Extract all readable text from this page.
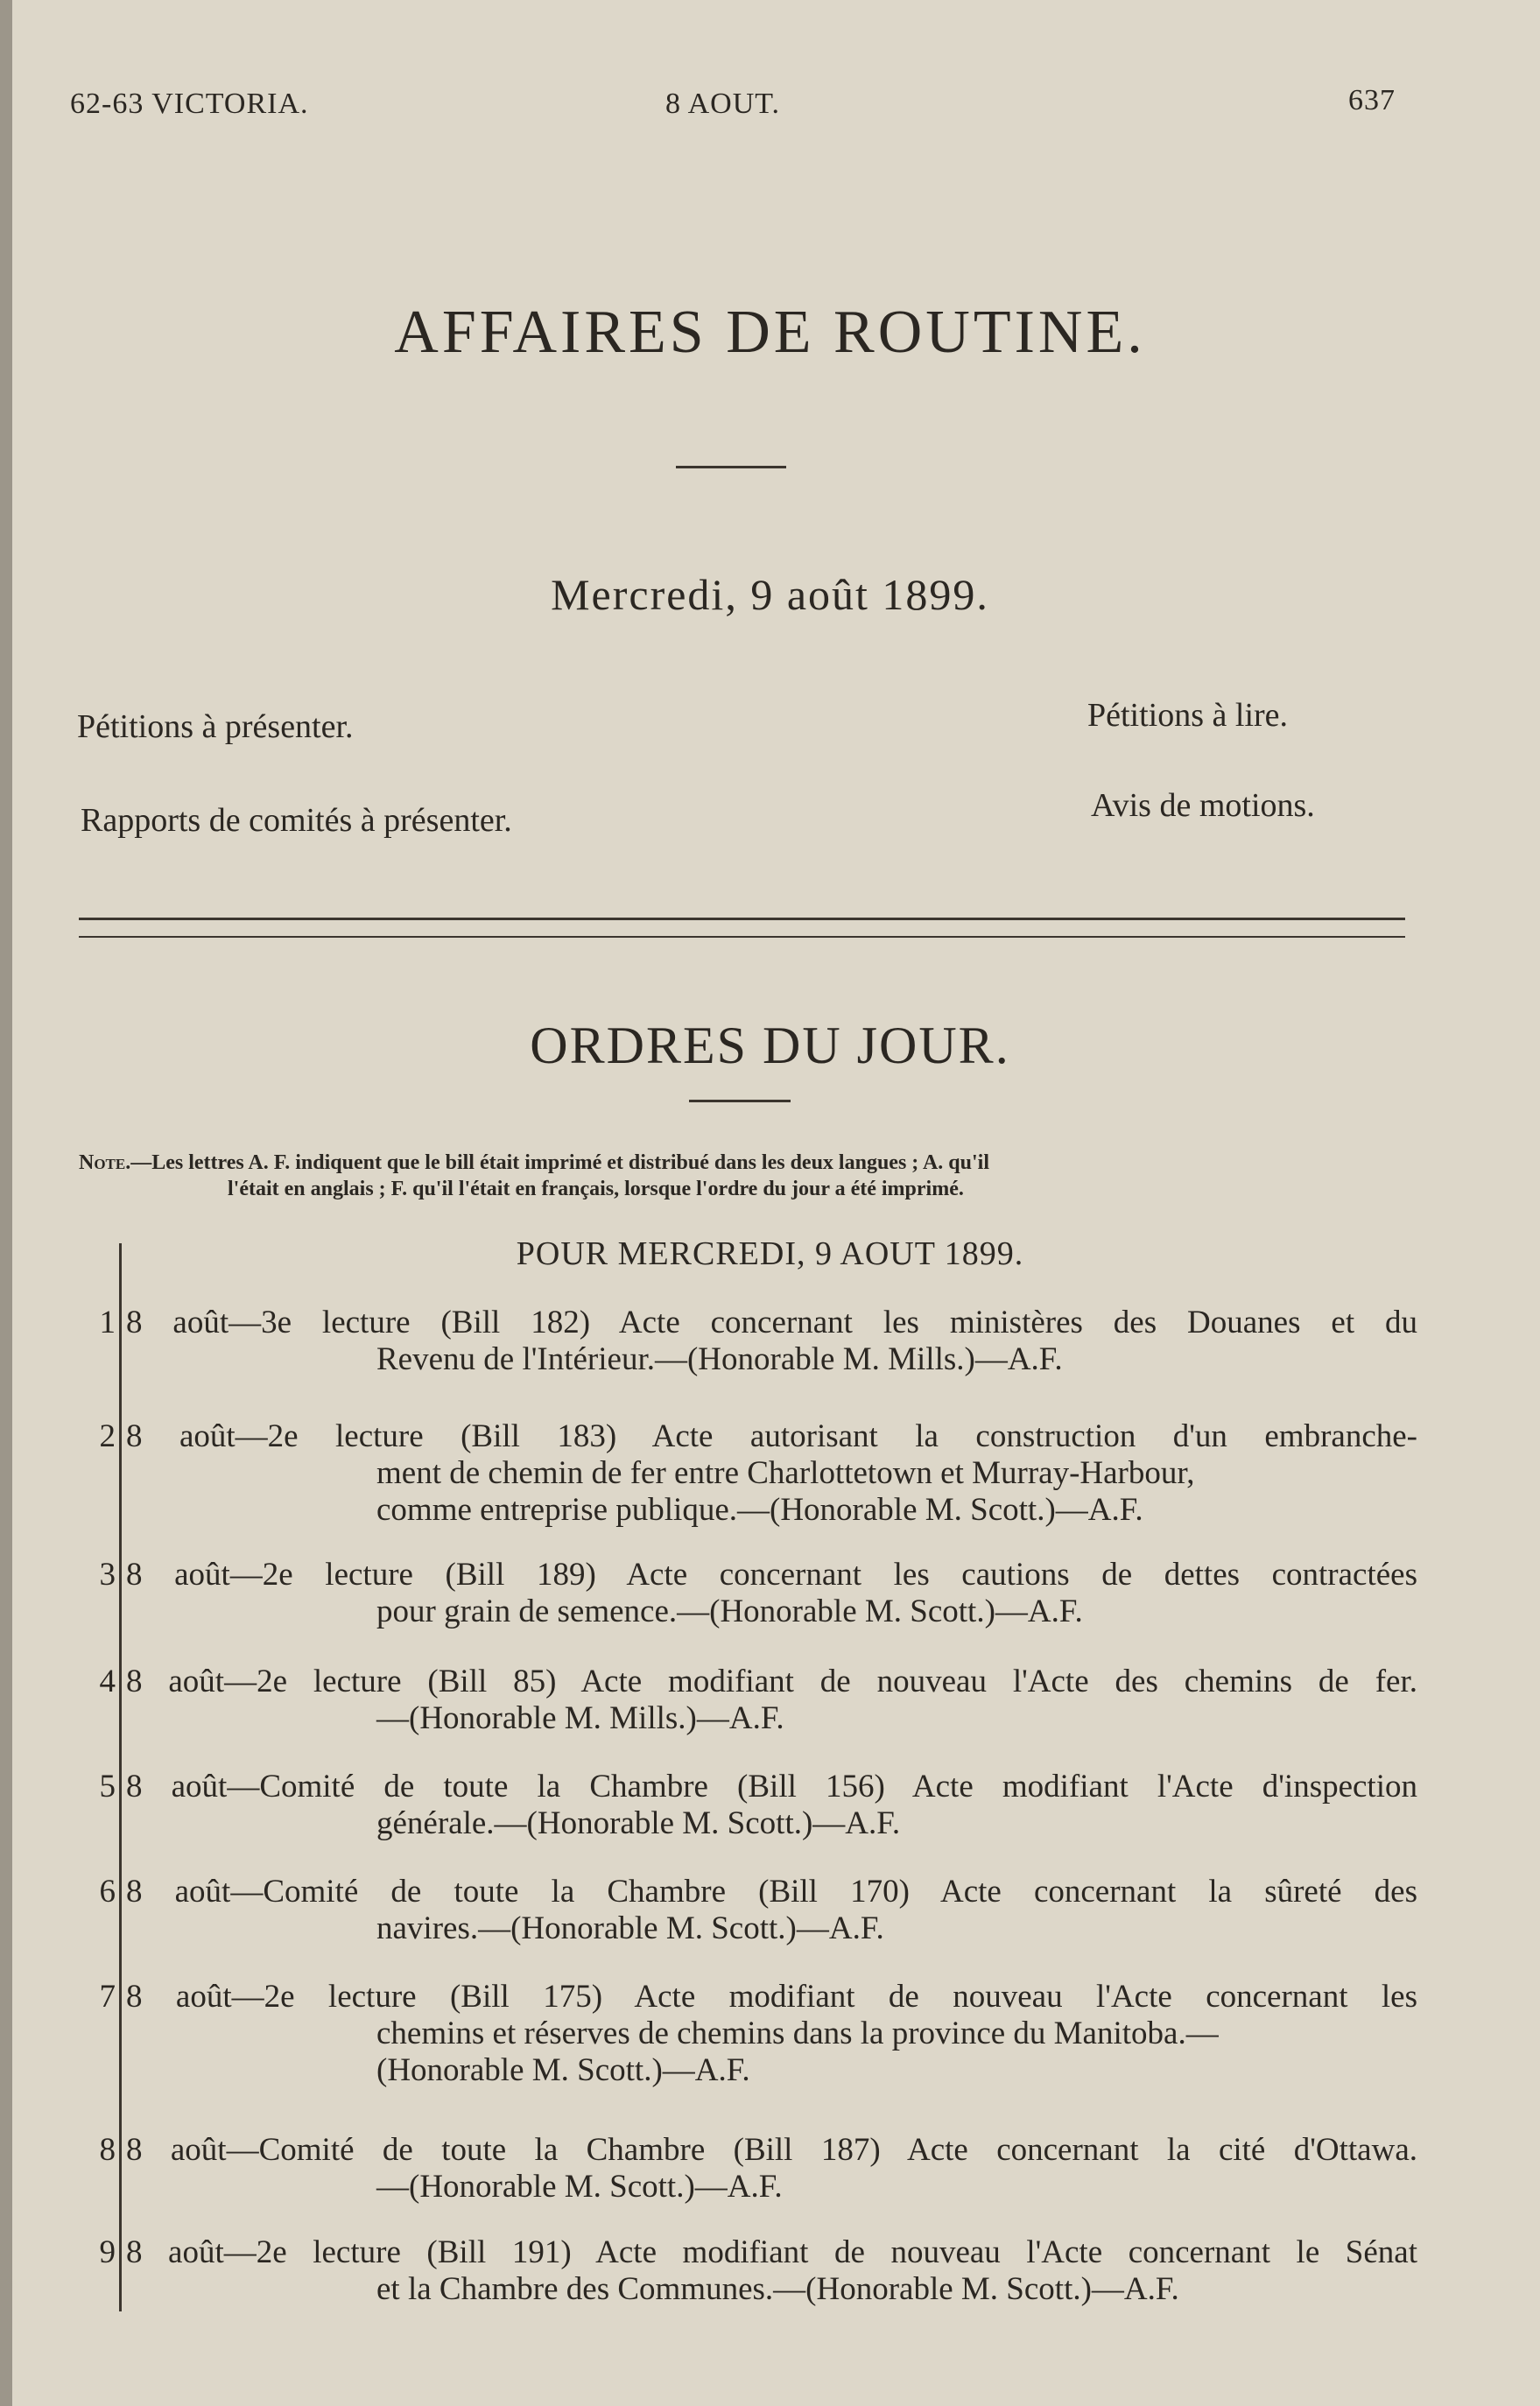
62-63 VICTORIA.	8 AOUT.	637
AFFAIRES DE ROUTINE.
Mercredi, 9 août 1899.
Pétitions à présenter.	Pétitions à lire.
Rapports de comités à présenter.	Avis de motions.
ORDRES DU JOUR.
Note.—Les lettres A. F. indiquent que le bill était imprimé et distribué dans les deux langues ; A. qu'il
l'était en anglais ; F. qu'il l'était en français, lorsque l'ordre du jour a été imprimé.
POUR MERCREDI, 9 AOUT 1899.
1 8 août—3e lecture (Bill 182) Acte concernant les ministères des Douanes et du
Revenu de l'Intérieur.—(Honorable M. Mills.)—A.F.
2 8 août—2e lecture (Bill 183) Acte autorisant la construction d'un embranche-
ment de chemin de fer entre Charlottetown et Murray-Harbour,
comme entreprise publique.—(Honorable M. Scott.)—A.F.
3 8 août—2e lecture (Bill 189) Acte concernant les cautions de dettes contractées
pour grain de semence.—(Honorable M. Scott.)—A.F.
4 8 août—2e lecture (Bill 85) Acte modifiant de nouveau l'Acte des chemins de fer.
—(Honorable M. Mills.)—A.F.
5 8 août—Comité de toute la Chambre (Bill 156) Acte modifiant l'Acte d'inspection
générale.—(Honorable M. Scott.)—A.F.
6 8 août—Comité de toute la Chambre (Bill 170) Acte concernant la sûreté des
navires.—(Honorable M. Scott.)—A.F.
7 8 août—2e lecture (Bill 175) Acte modifiant de nouveau l'Acte concernant les
chemins et réserves de chemins dans la province du Manitoba.—
(Honorable M. Scott.)—A.F.
8 8 août—Comité de toute la Chambre (Bill 187) Acte concernant la cité d'Ottawa.
—(Honorable M. Scott.)—A.F.
9 8 août—2e lecture (Bill 191) Acte modifiant de nouveau l'Acte concernant le Sénat
et la Chambre des Communes.—(Honorable M. Scott.)—A.F.
